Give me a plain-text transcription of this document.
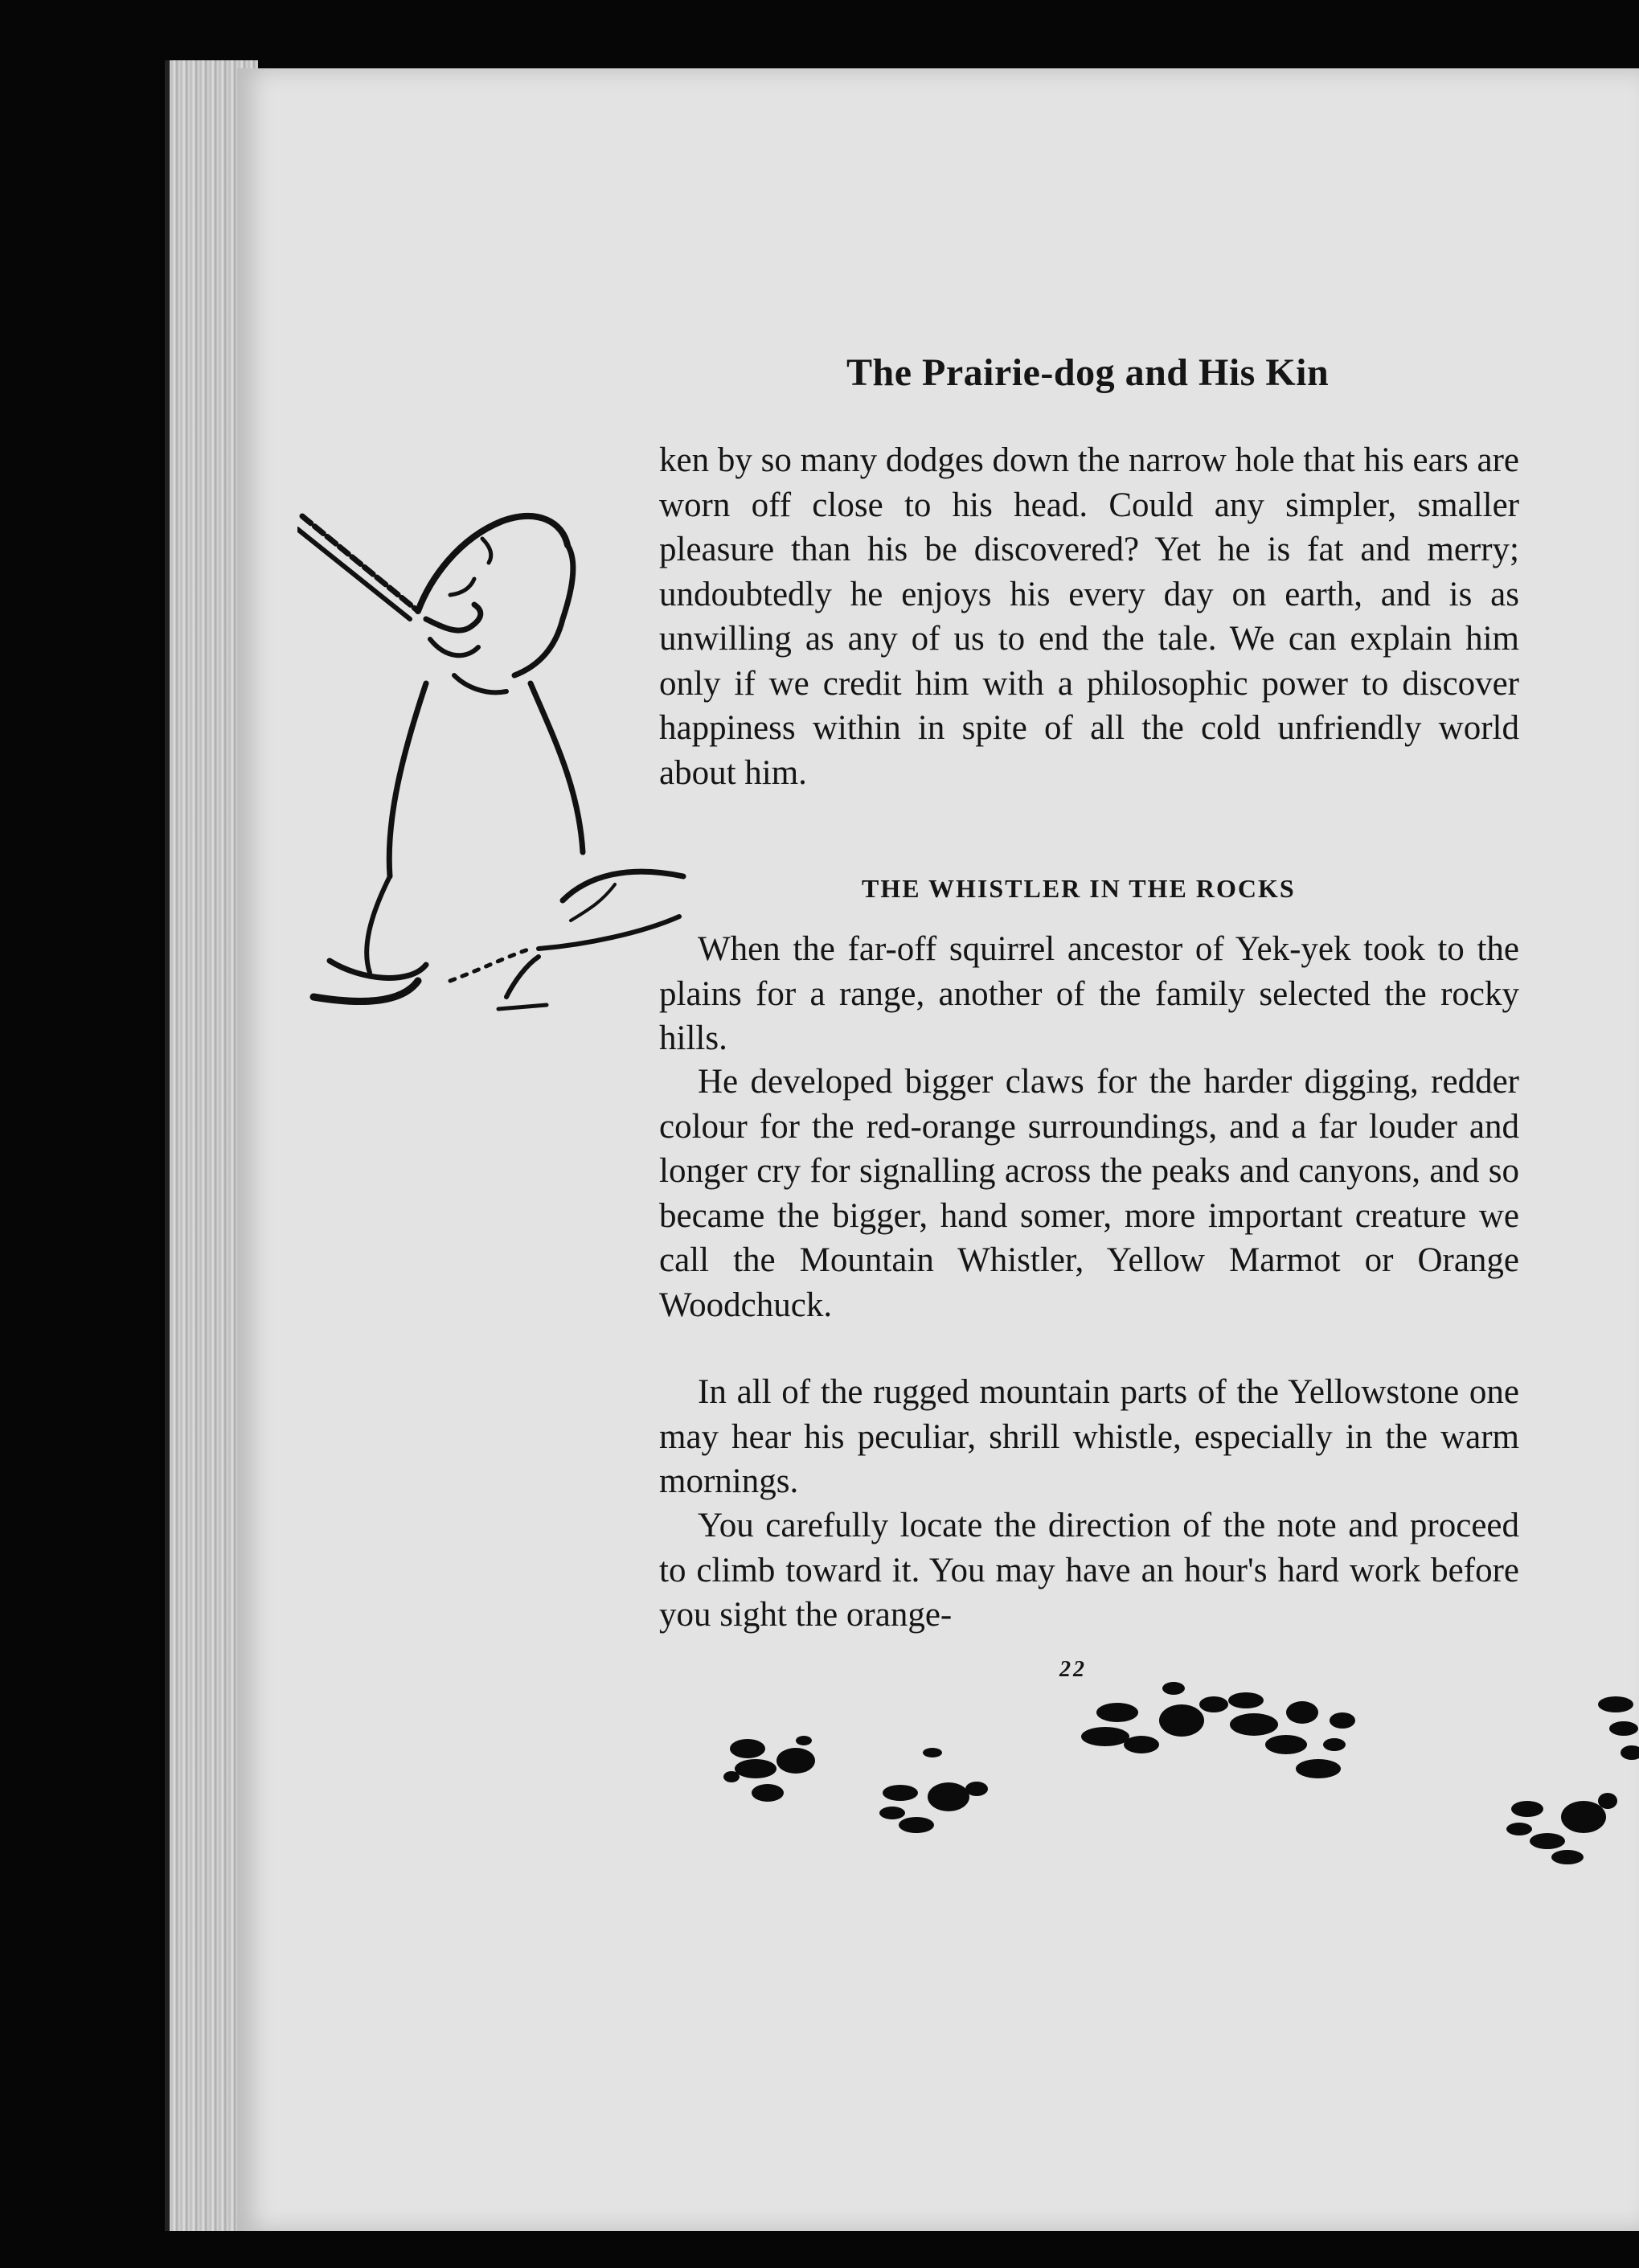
The Prairie-dog and His Kin

ken by so many dodges down the narrow hole that his ears are worn off close to his head. Could any simpler, smaller pleasure than his be discovered? Yet he is fat and merry; undoubtedly he enjoys his every day on earth, and is as unwilling as any of us to end the tale. We can explain him only if we credit him with a philosophic power to discover happiness within in spite of all the cold unfriendly world about him.

THE WHISTLER IN THE ROCKS

When the far-off squirrel ancestor of Yek-yek took to the plains for a range, another of the family selected the rocky hills.

He developed bigger claws for the harder digging, redder colour for the red-orange surroundings, and a far louder and longer cry for signalling across the peaks and canyons, and so became the bigger, hand somer, more important creature we call the Mountain Whistler, Yellow Marmot or Orange Woodchuck.

In all of the rugged mountain parts of the Yellowstone one may hear his peculiar, shrill whistle, especially in the warm mornings.

You carefully locate the direction of the note and proceed to climb toward it. You may have an hour's hard work before you sight the orange-

22
